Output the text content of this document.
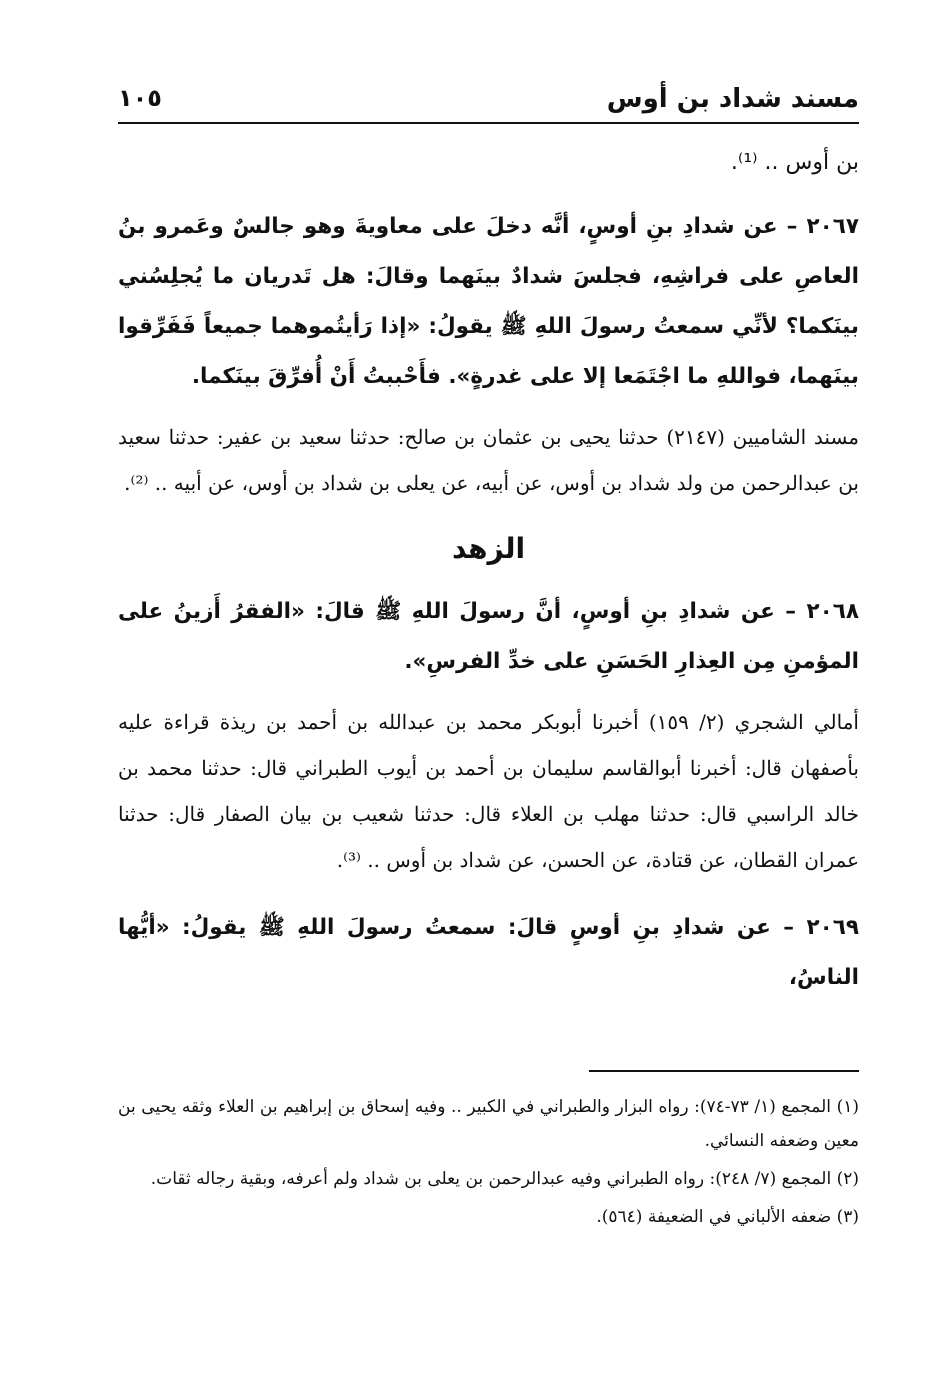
مسند شداد بن أوس
١٠٥

بن أوس .. ⁽¹⁾.

٢٠٦٧ – عن شدادِ بنِ أوسٍ، أنَّه دخلَ على معاويةَ وهو جالسٌ وعَمرو بنُ العاصِ على فراشِهِ، فجلسَ شدادٌ بينَهما وقالَ: هل تَدريان ما يُجلِسُني بينَكما؟ لأنِّي سمعتُ رسولَ اللهِ ﷺ يقولُ: «إذا رَأيتُموهما جميعاً فَفَرِّقوا بينَهما، فواللهِ ما اجْتَمَعا إلا على غدرةٍ». فأَحْببتُ أَنْ أُفرِّقَ بينَكما.

مسند الشاميين (٢١٤٧) حدثنا يحيى بن عثمان بن صالح: حدثنا سعيد بن عفير: حدثنا سعيد بن عبدالرحمن من ولد شداد بن أوس، عن أبيه، عن يعلى بن شداد بن أوس، عن أبيه .. ⁽²⁾.

الزهد

٢٠٦٨ – عن شدادِ بنِ أوسٍ، أنَّ رسولَ اللهِ ﷺ قالَ: «الفقرُ أَزينُ على المؤمنِ مِن العِذارِ الحَسَنِ على خدِّ الفرسِ».

أمالي الشجري (٢/ ١٥٩) أخبرنا أبوبكر محمد بن عبدالله بن أحمد بن ريذة قراءة عليه بأصفهان قال: أخبرنا أبوالقاسم سليمان بن أحمد بن أيوب الطبراني قال: حدثنا محمد بن خالد الراسبي قال: حدثنا مهلب بن العلاء قال: حدثنا شعيب بن بيان الصفار قال: حدثنا عمران القطان، عن قتادة، عن الحسن، عن شداد بن أوس .. ⁽³⁾.

٢٠٦٩ – عن شدادِ بنِ أوسٍ قالَ: سمعتُ رسولَ اللهِ ﷺ يقولُ: «أيُّها الناسُ،

(١) المجمع (١/ ٧٣-٧٤): رواه البزار والطبراني في الكبير .. وفيه إسحاق بن إبراهيم بن العلاء وثقه يحيى بن معين وضعفه النسائي.

(٢) المجمع (٧/ ٢٤٨): رواه الطبراني وفيه عبدالرحمن بن يعلى بن شداد ولم أعرفه، وبقية رجاله ثقات.

(٣) ضعفه الألباني في الضعيفة (٥٦٤).
